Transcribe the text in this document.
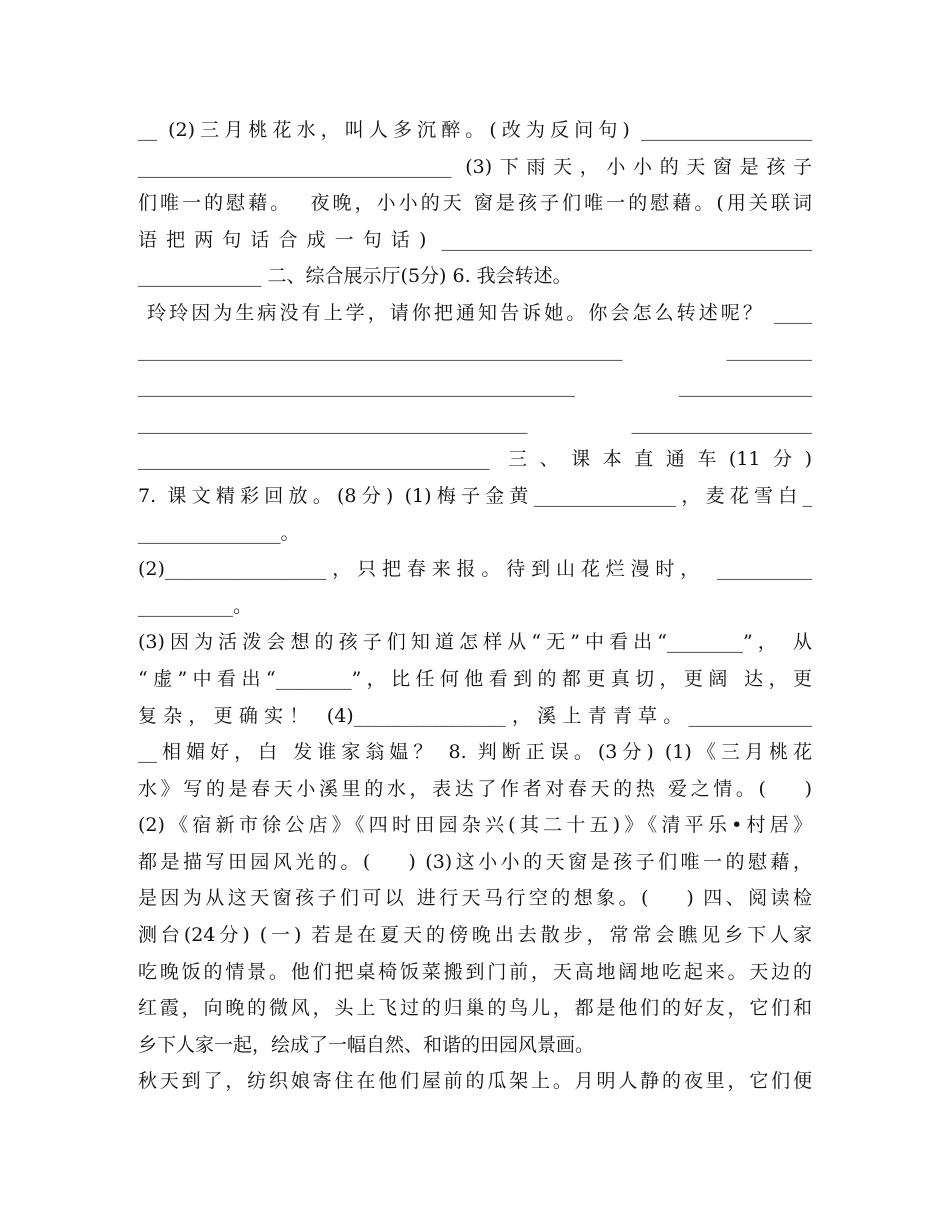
__ (2)三月桃花水，叫人多沉醉。(改为反问句) __________________
_________________________________ (3)下雨天，小小的天窗是孩子
们唯一的慰藉。  夜晚，小小的天 窗是孩子们唯一的慰藉。(用关联词
语把两句话合成一句话) _______________________________________
_____________ 二、综合展示厅(5分) 6. 我会转述。
玲玲因为生病没有上学，请你把通知告诉她。你会怎么转述呢？ ____
___________________________________________________ _________
______________________________________________ ______________
_________________________________________ ___________________
_____________________________________ 三、课本直通车(11分)
7. 课文精彩回放。(8分) (1)梅子金黄_______________，麦花雪白_
_______________。
(2)_________________，只把春来报。待到山花烂漫时， __________
__________。
(3)因为活泼会想的孩子们知道怎样从“无”中看出“________”， 从
“虚”中看出“________”，比任何他看到的都更真切，更阔 达，更
复杂，更确实！ (4)________________，溪上青青草。_____________
__相媚好，白 发谁家翁媪？ 8. 判断正误。(3分) (1)《三月桃花
水》写的是春天小溪里的水，表达了作者对春天的热 爱之情。(    )
(2)《宿新市徐公店》《四时田园杂兴(其二十五)》《清平乐•村居》
都是描写田园风光的。(    ) (3)这小小的天窗是孩子们唯一的慰藉，
是因为从这天窗孩子们可以 进行天马行空的想象。(    ) 四、阅读检
测台(24分) (一) 若是在夏天的傍晚出去散步，常常会瞧见乡下人家
吃晚饭的情景。他们把桌椅饭菜搬到门前，天高地阔地吃起来。天边的
红霞，向晚的微风，头上飞过的归巢的鸟儿，都是他们的好友，它们和
乡下人家一起，绘成了一幅自然、和谐的田园风景画。
秋天到了，纺织娘寄住在他们屋前的瓜架上。月明人静的夜里，它们便
